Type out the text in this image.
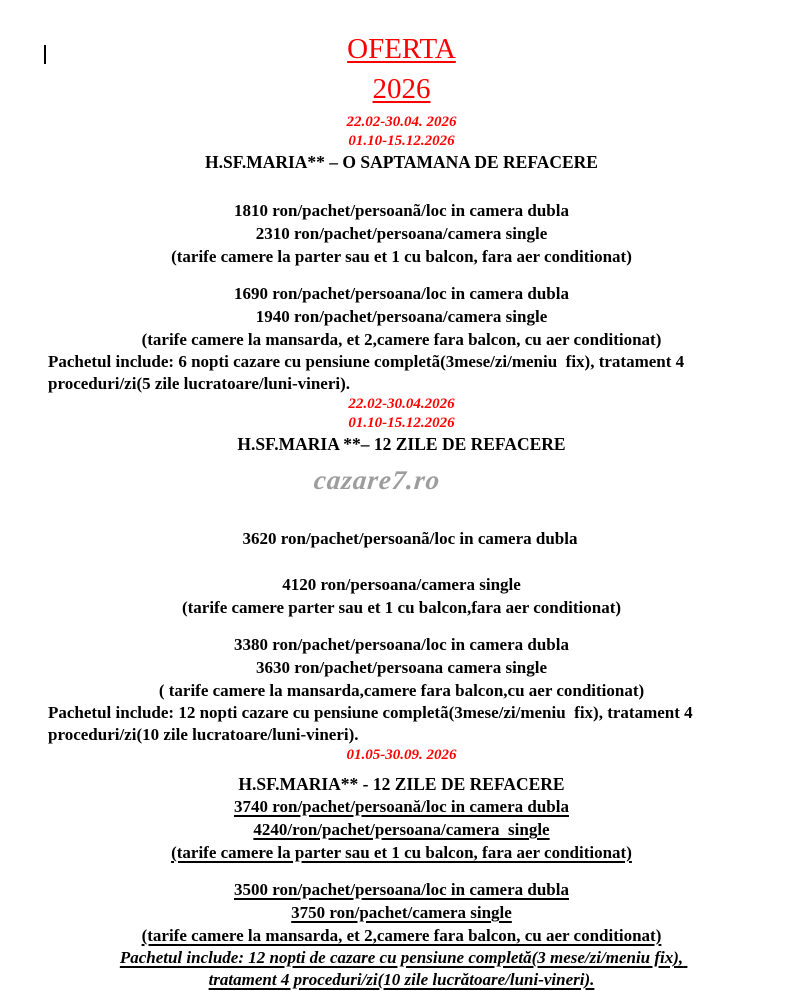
OFERTA

2026

22.02-30.04. 2026

01.10-15.12.2026

H.SF.MARIA** – O SAPTAMANA DE REFACERE

1810 ron/pachet/persoanã/loc in camera dubla

2310 ron/pachet/persoana/camera single

(tarife camere la parter sau et 1 cu balcon, fara aer conditionat)

1690 ron/pachet/persoana/loc in camera dubla

1940 ron/pachet/persoana/camera single

(tarife camere la mansarda, et 2,camere fara balcon, cu aer conditionat)

Pachetul include: 6 nopti cazare cu pensiune completã(3mese/zi/meniu  fix), tratament 4 proceduri/zi(5 zile lucratoare/luni-vineri).

22.02-30.04.2026

01.10-15.12.2026

H.SF.MARIA **– 12 ZILE DE REFACERE

cazare7.ro

3620 ron/pachet/persoanã/loc in camera dubla

4120 ron/persoana/camera single

(tarife camere parter sau et 1 cu balcon,fara aer conditionat)

3380 ron/pachet/persoana/loc in camera dubla

3630 ron/pachet/persoana camera single

( tarife camere la mansarda,camere fara balcon,cu aer conditionat)

Pachetul include: 12 nopti cazare cu pensiune completã(3mese/zi/meniu  fix), tratament 4 proceduri/zi(10 zile lucratoare/luni-vineri).

01.05-30.09. 2026

H.SF.MARIA** - 12 ZILE DE REFACERE

3740 ron/pachet/persoană/loc in camera dubla

4240/ron/pachet/persoana/camera  single

(tarife camere la parter sau et 1 cu balcon, fara aer conditionat)

3500 ron/pachet/persoana/loc in camera dubla

3750 ron/pachet/camera single

(tarife camere la mansarda, et 2,camere fara balcon, cu aer conditionat)

Pachetul include: 12 nopti de cazare cu pensiune completă(3 mese/zi/meniu fix), tratament 4 proceduri/zi(10 zile lucrătoare/luni-vineri).
